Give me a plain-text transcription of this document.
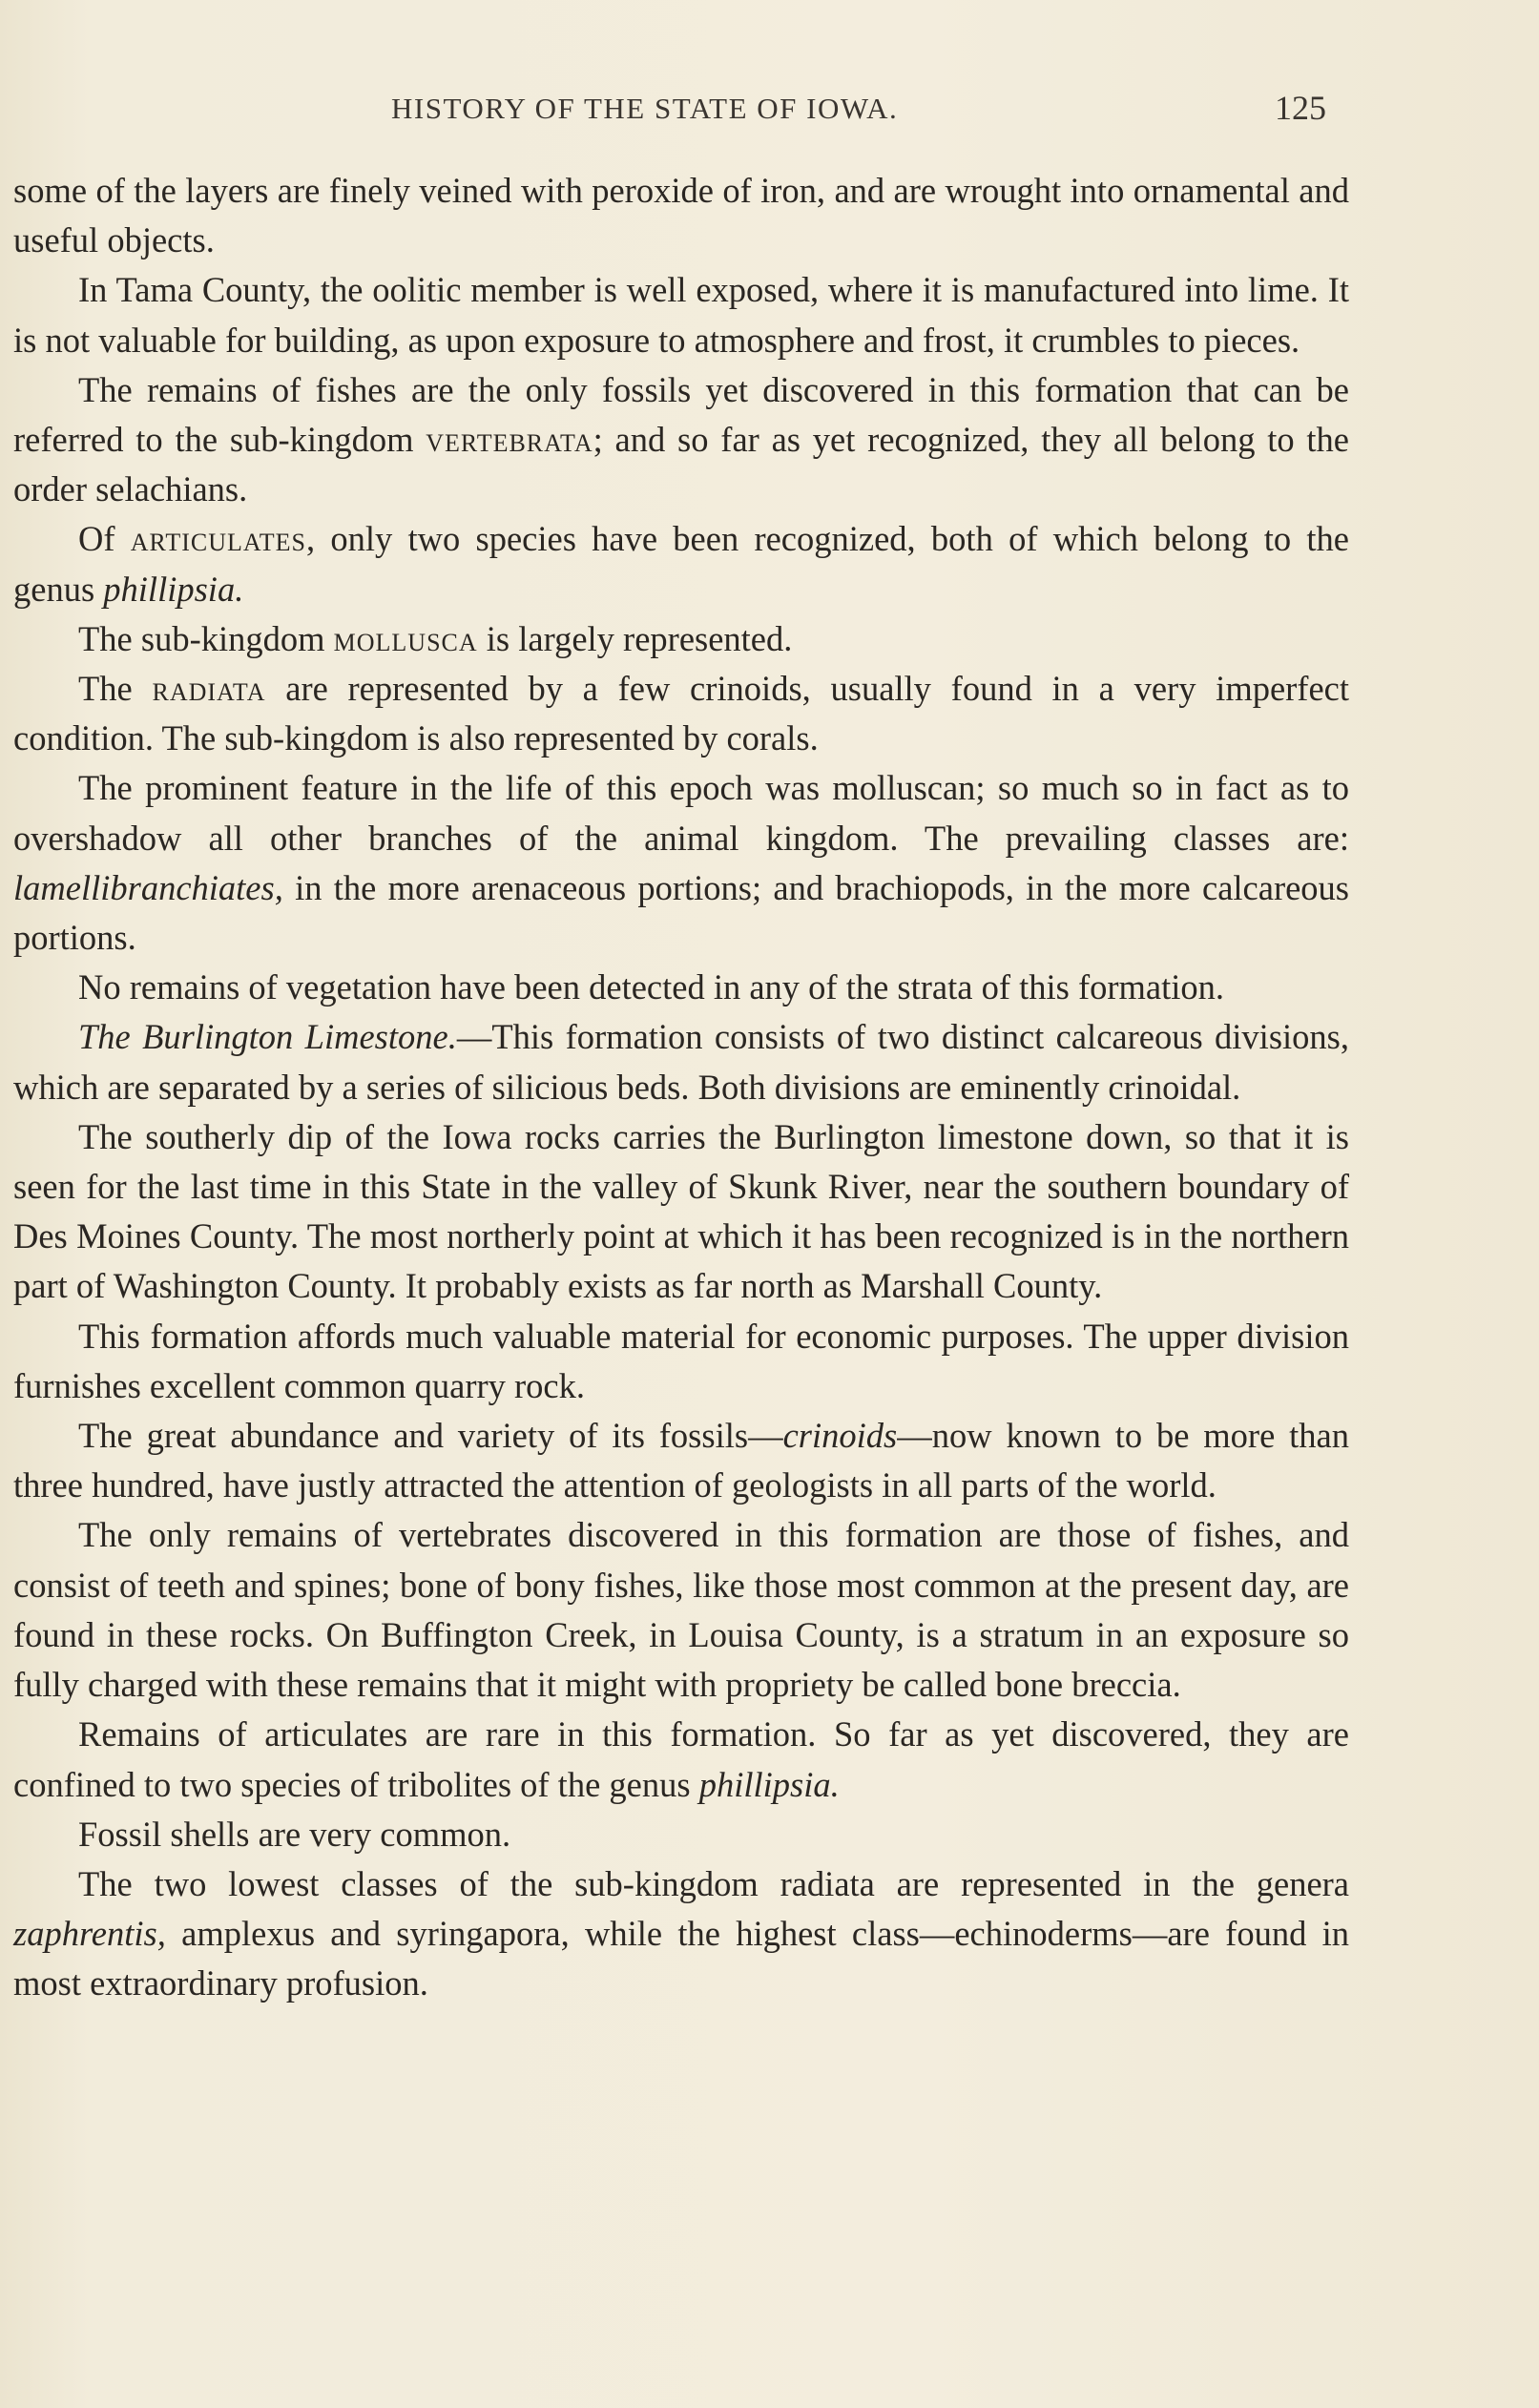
HISTORY OF THE STATE OF IOWA.	125

some of the layers are finely veined with peroxide of iron, and are wrought into ornamental and useful objects.

In Tama County, the oolitic member is well exposed, where it is manufactured into lime. It is not valuable for building, as upon exposure to atmosphere and frost, it crumbles to pieces.

The remains of fishes are the only fossils yet discovered in this formation that can be referred to the sub-kingdom vertebrata; and so far as yet recognized, they all belong to the order selachians.

Of articulates, only two species have been recognized, both of which belong to the genus phillipsia.

The sub-kingdom mollusca is largely represented.

The radiata are represented by a few crinoids, usually found in a very imperfect condition. The sub-kingdom is also represented by corals.

The prominent feature in the life of this epoch was molluscan; so much so in fact as to overshadow all other branches of the animal kingdom. The prevailing classes are: lamellibranchiates, in the more arenaceous portions; and brachiopods, in the more calcareous portions.

No remains of vegetation have been detected in any of the strata of this formation.

The Burlington Limestone.—This formation consists of two distinct calcareous divisions, which are separated by a series of silicious beds. Both divisions are eminently crinoidal.

The southerly dip of the Iowa rocks carries the Burlington limestone down, so that it is seen for the last time in this State in the valley of Skunk River, near the southern boundary of Des Moines County. The most northerly point at which it has been recognized is in the northern part of Washington County. It probably exists as far north as Marshall County.

This formation affords much valuable material for economic purposes. The upper division furnishes excellent common quarry rock.

The great abundance and variety of its fossils—crinoids—now known to be more than three hundred, have justly attracted the attention of geologists in all parts of the world.

The only remains of vertebrates discovered in this formation are those of fishes, and consist of teeth and spines; bone of bony fishes, like those most common at the present day, are found in these rocks. On Buffington Creek, in Louisa County, is a stratum in an exposure so fully charged with these remains that it might with propriety be called bone breccia.

Remains of articulates are rare in this formation. So far as yet discovered, they are confined to two species of tribolites of the genus phillipsia.

Fossil shells are very common.

The two lowest classes of the sub-kingdom radiata are represented in the genera zaphrentis, amplexus and syringapora, while the highest class—echinoderms—are found in most extraordinary profusion.
